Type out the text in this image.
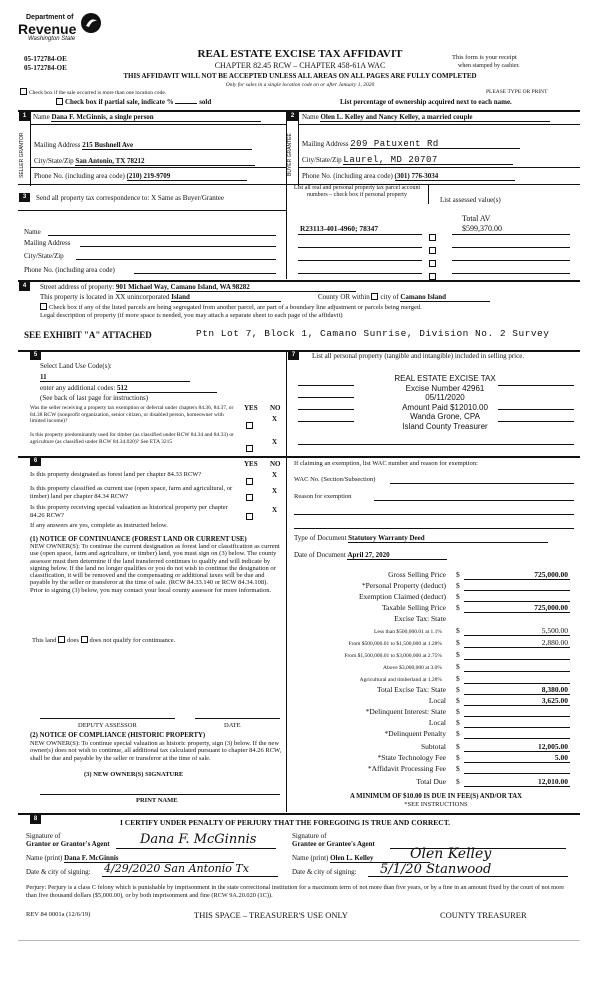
Department of
Revenue
Washington State
05-172784-OE
05-172784-OE
REAL ESTATE EXCISE TAX AFFIDAVIT
CHAPTER 82.45 RCW – CHAPTER 458-61A WAC
This form is your receipt
when stamped by cashier.
THIS AFFIDAVIT WILL NOT BE ACCEPTED UNLESS ALL AREAS ON ALL PAGES ARE FULLY COMPLETED
Only for sales in a single location code on or after January 1, 2020
PLEASE TYPE OR PRINT
Check box if the sale occurred is more than one location code.
Check box if partial sale, indicate %	sold	List percentage of ownership acquired next to each name.
1 Name Dana F. McGinnis, a single person
SELLER GRANTOR	Mailing Address 215 Bushnell Ave
City/State/Zip San Antonio, TX 78212
Phone No. (including area code) (210) 219-9709
2	Name Olen L. Kelley and Nancy Kelley, a married couple
BUYER GRANTEE	Mailing Address 209 Patuxent Rd
City/State/Zip Laurel, MD 20707
Phone No. (including area code) (301) 776-3034
3	Send all property tax correspondence to: X Same as Buyer/Grantee
List all real and personal property tax parcel account numbers – check box if personal property
List assessed value(s)
Total AV
Name
Mailing Address
City/State/Zip
Phone No. (including area code)
R23113-401-4960; 78347	$599,370.00
4	Street address of property: 901 Michael Way, Camano Island, WA 98282
This property is located in XX unincorporated Island	County OR within city of Camano Island
Check box if any of the listed parcels are being segregated from another parcel, are part of a boundary line adjustment or parcels being merged.
Legal description of property (if more space is needed, you may attach a separate sheet to each page of the affidavit)
SEE EXHIBIT "A" ATTACHED	Ptn Lot 7, Block 1, Camano Sunrise, Division No. 2 Survey
5
Select Land Use Code(s):
11
enter any additional codes: 512
(See back of last page for instructions)
YES NO
Was the seller receiving a property tax exemption or deferral under chapters 84.36, 84.37, or 84.38 RCW (nonprofit organization, senior citizen, or disabled person, homeowner with limited income)?	X
Is this property predominantly used for timber (as classified under RCW 84.34 and 84.33) or agriculture (as classified under RCW 84.34.020)? See ETA 3215	X
7	List all personal property (tangible and intangible) included in selling price.
REAL ESTATE EXCISE TAX
Excise Number 42961
05/11/2020
Amount Paid $12010.00
Wanda Grone, CPA
Island County Treasurer
6	YES NO
Is this property designated as forest land per chapter 84.33 RCW?	X
Is this property classified as current use (open space, farm and agricultural, or timber) land per chapter 84.34 RCW?
X
Is this property receiving special valuation as historical property per chapter 84.26 RCW?
X
If any answers are yes, complete as instructed below.
(1) NOTICE OF CONTINUANCE (FOREST LAND OR CURRENT USE)
NEW OWNER(S): To continue the current designation as forest land or classification as current use (open space, farm and agriculture, or timber) land, you must sign on (3) below. The county assessor must then determine if the land transferred continues to qualify and will indicate by signing below. If the land no longer qualifies or you do not wish to continue the designation or classification, it will be removed and the compensating or additional taxes will be due and payable by the seller or transferor at the time of sale. (RCW 84.33.140 or RCW 84.34.108). Prior to signing (3) below, you may contact your local county assessor for more information.
This land does does not qualify for continuance.
DEPUTY ASSESSOR	DATE
(2) NOTICE OF COMPLIANCE (HISTORIC PROPERTY)
NEW OWNER(S): To continue special valuation as historic property, sign (3) below. If the new owner(s) does not wish to continue, all additional tax calculated pursuant to chapter 84.26 RCW, shall be due and payable by the seller or transferor at the time of sale.
(3) NEW OWNER(S) SIGNATURE
PRINT NAME
If claiming an exemption, list WAC number and reason for exemption:
WAC No. (Section/Subsection)
Reason for exemption
Type of Document Statutory Warranty Deed
Date of Document April 27, 2020
Gross Selling Price $	725,000.00
*Personal Property (deduct) $
Exemption Claimed (deduct) $
Taxable Selling Price $	725,000.00
Excise Tax: State
Less than $500,000.01 at 1.1% $	5,500.00
From $500,000.01 to $1,500,000 at 1.28% $	2,880.00
From $1,500,000.01 to $3,000,000 at 2.75% $
Above $3,000,000 at 3.0% $
Agricultural and timberland at 1.28% $
Total Excise Tax: State $	8,380.00
Local $	3,625.00
*Delinquent Interest: State $
Local $
*Delinquent Penalty $
Subtotal $	12,005.00
*State Technology Fee $	5.00
*Affidavit Processing Fee $
Total Due $	12,010.00
A MINIMUM OF $10.00 IS DUE IN FEE(S) AND/OR TAX
*SEE INSTRUCTIONS
8	I CERTIFY UNDER PENALTY OF PERJURY THAT THE FOREGOING IS TRUE AND CORRECT.
Signature of
Grantor or Grantor's Agent Dana F. McGinnis
Name (print) Dana F. McGinnis
Date & city of signing: 4/29/2020 San Antonio Tx
Signature of
Grantee or Grantee's Agent
Olen Kelley
Name (print) Olen L. Kelley
Date & city of signing: 5/1/20 Stanwood
Perjury: Perjury is a class C felony which is punishable by imprisonment in the state correctional institution for a maximum term of not more than five years, or by a fine in an amount fixed by the court of not more than five thousand dollars ($5,000.00), or by both imprisonment and fine (RCW 9A.20.020 (1C)).
REV 84 0001a (12/6/19)	THIS SPACE – TREASURER'S USE ONLY	COUNTY TREASURER
